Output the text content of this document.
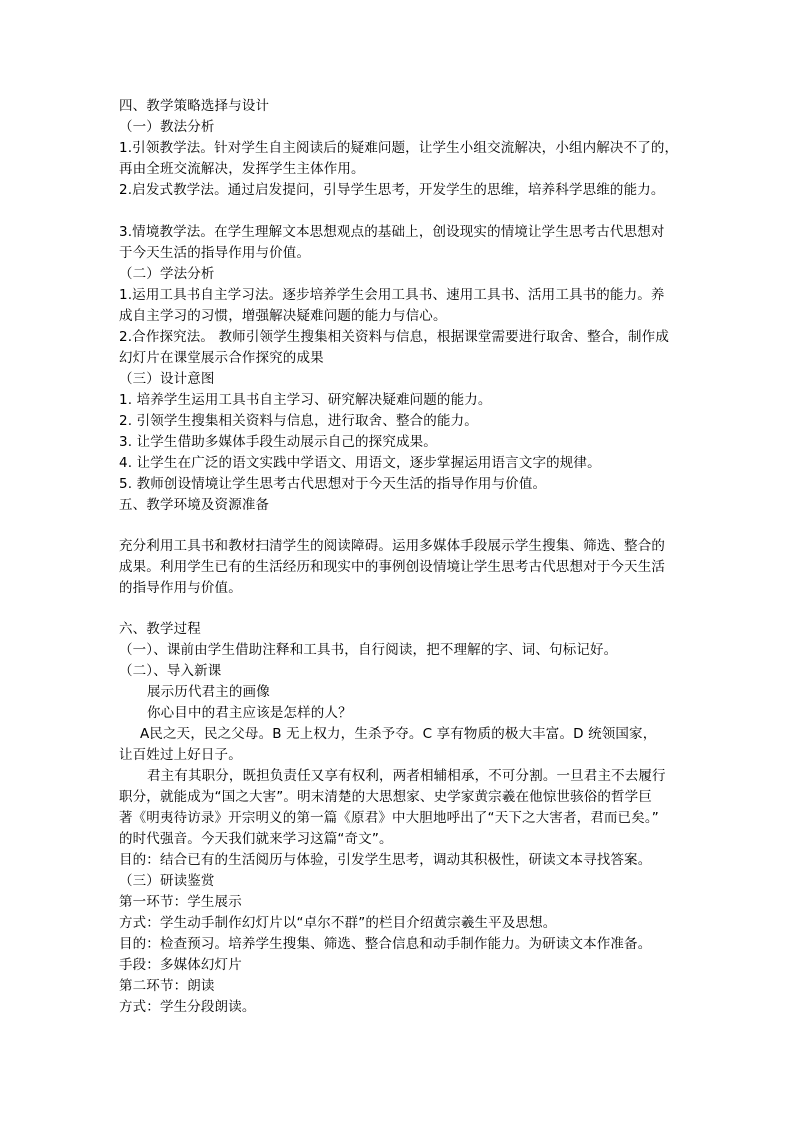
四、教学策略选择与设计
（一）教法分析
1.引领教学法。针对学生自主阅读后的疑难问题，让学生小组交流解决，小组内解决不了的，
再由全班交流解决，发挥学生主体作用。
2.启发式教学法。通过启发提问，引导学生思考，开发学生的思维，培养科学思维的能力。
3.情境教学法。在学生理解文本思想观点的基础上，创设现实的情境让学生思考古代思想对
于今天生活的指导作用与价值。
（二）学法分析
1.运用工具书自主学习法。逐步培养学生会用工具书、速用工具书、活用工具书的能力。养
成自主学习的习惯，增强解决疑难问题的能力与信心。
2.合作探究法。 教师引领学生搜集相关资料与信息，根据课堂需要进行取舍、整合，制作成
幻灯片在课堂展示合作探究的成果
（三）设计意图
1. 培养学生运用工具书自主学习、研究解决疑难问题的能力。
2. 引领学生搜集相关资料与信息，进行取舍、整合的能力。
3. 让学生借助多媒体手段生动展示自己的探究成果。
4. 让学生在广泛的语文实践中学语文、用语文，逐步掌握运用语言文字的规律。
5. 教师创设情境让学生思考古代思想对于今天生活的指导作用与价值。
五、教学环境及资源准备
充分利用工具书和教材扫清学生的阅读障碍。运用多媒体手段展示学生搜集、筛选、整合的
成果。利用学生已有的生活经历和现实中的事例创设情境让学生思考古代思想对于今天生活
的指导作用与价值。
六、教学过程
（一）、课前由学生借助注释和工具书，自行阅读，把不理解的字、词、句标记好。
（二）、导入新课
展示历代君主的画像
你心目中的君主应该是怎样的人？
A民之天，民之父母。B 无上权力，生杀予夺。C 享有物质的极大丰富。D 统领国家，
让百姓过上好日子。
君主有其职分，既担负责任又享有权利，两者相辅相承，不可分割。一旦君主不去履行
职分，就能成为“国之大害”。明末清楚的大思想家、史学家黄宗羲在他惊世骇俗的哲学巨
著《明夷待访录》开宗明义的第一篇《原君》中大胆地呼出了“天下之大害者，君而已矣。”
的时代强音。今天我们就来学习这篇“奇文”。
目的：结合已有的生活阅历与体验，引发学生思考，调动其积极性，研读文本寻找答案。
（三）研读鉴赏
第一环节：学生展示
方式：学生动手制作幻灯片以“卓尔不群”的栏目介绍黄宗羲生平及思想。
目的：检查预习。培养学生搜集、筛选、整合信息和动手制作能力。为研读文本作准备。
手段：多媒体幻灯片
第二环节：朗读
方式：学生分段朗读。
